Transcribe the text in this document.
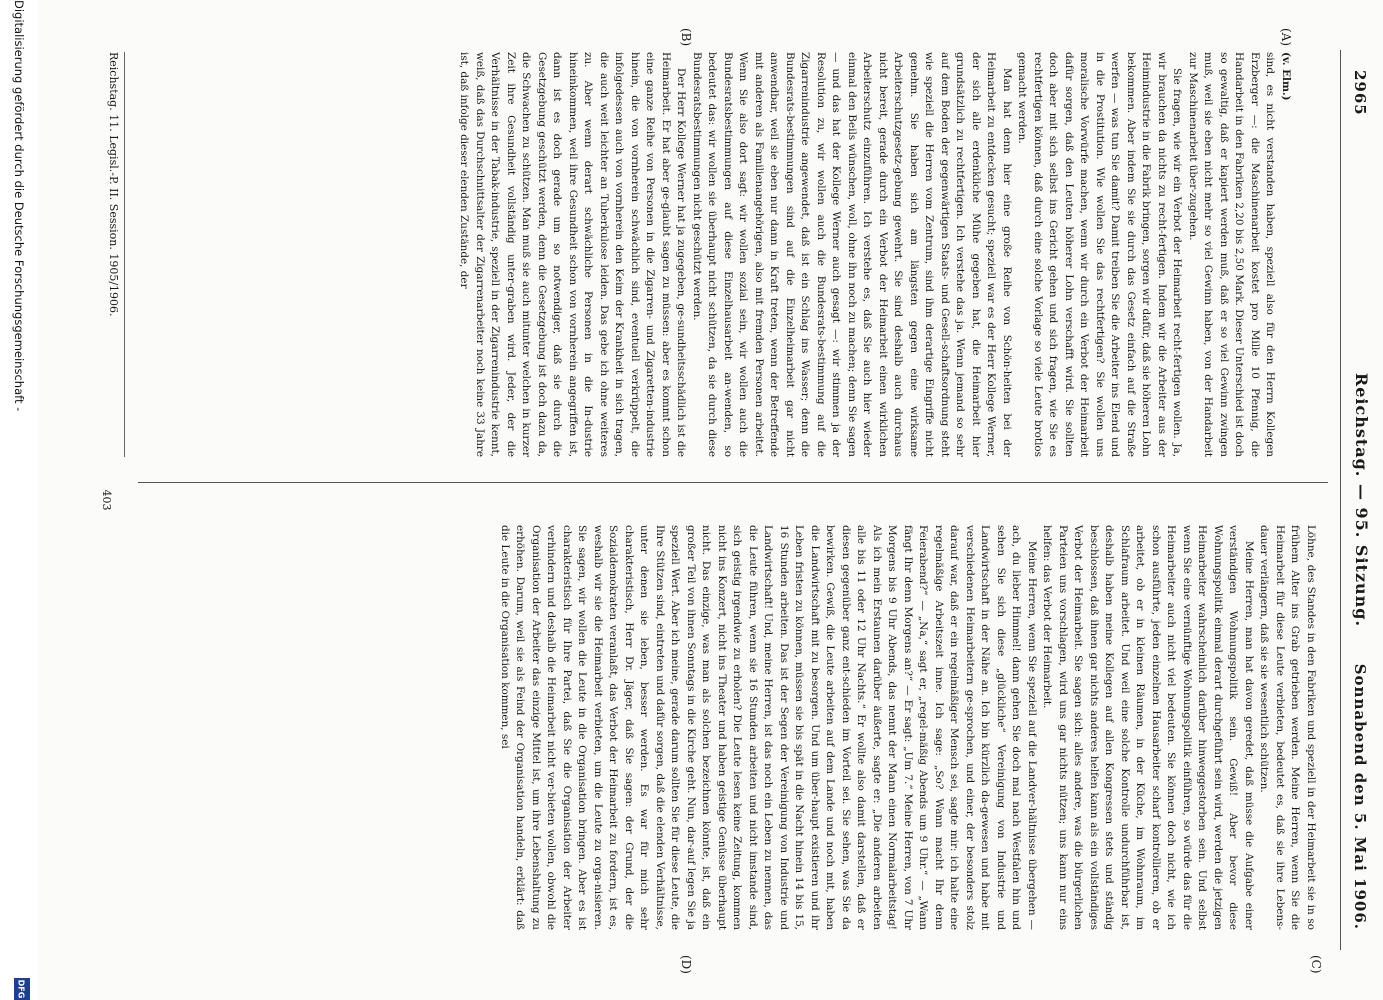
2965
Reichstag. — 95. Sitzung.
Sonnabend den 5. Mai 1906.
(C)
(D)
(A)
(B)

(v. Elm.)

sind, es nicht verstanden haben, speziell also für den Herrn Kollegen Erzberger —: die Maschinenarbeit kostet pro Mille 10 Pfennig, die Handarbeit in den Fabriken 2,20 bis 2,50 Mark. Dieser Unterschied ist doch so gewaltig, daß er kapiert werden muß, daß er so viel Gewinn zwingen muß, weil sie eben nicht mehr so viel Gewinn haben, von der Handarbeit zur Maschinenarbeit über-zugehen.

Sie fragen, wie wir ein Verbot der Heimarbeit recht-fertigen wollen. Ja, wir brauchen da nichts zu recht-fertigen. Indem wir die Arbeiter aus der Heimindustrie in die Fabrik bringen, sorgen wir dafür, daß sie höheren Lohn bekommen. Aber indem Sie sie durch das Gesetz einfach auf die Straße werfen — was tun Sie damit? Damit treiben Sie die Arbeiter ins Elend und in die Prostitution. Wie wollen Sie das rechtfertigen? Sie wollen uns moralische Vorwürfe machen, wenn wir durch ein Verbot der Heimarbeit dafür sorgen, daß den Leuten höherer Lohn verschafft wird. Sie sollten doch aber mit sich selbst ins Gericht gehen und sich fragen, wie Sie es rechtfertigen können, daß durch eine solche Vorlage so viele Leute brotlos gemacht werden.

Man hat denn hier eine große Reihe von Schön-heiten bei der Heimarbeit zu entdecken gesucht; speziell war es der Herr Kollege Werner, der sich alle erdenkliche Mühe gegeben hat, die Heimarbeit hier grundsätzlich zu rechtfertigen. Ich verstehe das ja. Wenn jemand so sehr auf dem Boden der gegenwärtigen Staats- und Gesell-schaftsordnung steht wie speziell die Herren vom Zentrum, sind ihm derartige Eingriffe nicht genehm. Sie haben sich am längsten gegen eine wirksame Arbeiterschutzgesetz-gebung gewehrt. Sie sind deshalb auch durchaus nicht bereit, gerade durch ein Verbot der Heimarbeit einen wirklichen Arbeiterschutz einzuführen. Ich verstehe es, daß Sie auch hier wieder einmal den Beils wünschen, woll, ohne ihn noch zu machen; denn Sie sagen — und das hat der Kollege Werner auch gesagt —: wir stimmen ja der Resolution zu, wir wollen auch die Bundesrats-bestimmung auf die Zigarrenindustrie angewendet, daß ist ein Schlag ins Wasser; denn die Bundesrats-bestimmungen sind auf die Einzelheimarbeit gar nicht anwendbar, weil sie eben nur dann in Kraft treten, wenn der Betreffende mit anderen als Familienangehörigen, also mit fremden Personen arbeitet. Wenn Sie also dort sagt: wir wollen sozial sein, wir wollen auch die Bundesratsbestimmungen auf diese Einzelhausarbeit an-wenden, so bedeutet das: wir wollen sie überhaupt nicht schützen, da sie durch diese Bundesratsbestimmungen nicht geschützt werden.

Der Herr Kollege Werner hat ja zugegeben, ge-sundheitsschädlich ist die Heimarbeit. Er hat aber ge-glaubt sagen zu müssen: aber es kommt schon eine ganze Reihe von Personen in die Zigarren- und Zigaretten-industrie hinein, die von vornherein schwächlich sind, eventuell verkrüppelt, die infolgedessen auch von vornherein den Keim der Krankheit in sich tragen, die auch weit leichter an Tuberkulose leiden. Das gebe ich ohne weiteres zu. Aber wenn derart schwächliche Personen in die In-dustrie hineinkommen, weil ihre Gesundheit schon von vornherein angegriffen ist, dann ist es doch gerade um so notwendiger, daß sie durch die Gesetzgebung geschützt werden, denn die Gesetzgebung ist doch dazu da, die Schwachen zu schützen. Man muß sie auch mitunter welchen in kurzer Zeit ihre Gesundheit vollständig unter-graben wird. Jeder, der die Verhältnisse in der Tabak-industrie, speziell in der Zigarrenindustrie kennt, weiß, daß das Durchschnittsalter der Zigarrenarbeiter noch keine 33 Jahre ist, daß infolge dieser elenden Zustände, der

Löhne, des Standes in den Fabriken und speziell in der Heimarbeit sie in so frühem Alter ins Grab getrieben werden. Meine Herren, wenn Sie die Heimarbeit für diese Leute verbieten, bedeutet es, daß sie ihre Lebens-dauer verlängern, daß sie sie wesentlich schützen.

Meine Herren, man hat davon geredet, daß müsse die Aufgabe einer verständigen Wohnungspolitik sein. Gewiß! Aber bevor diese Wohnungspolitik einmal derart durchgeführt sein wird, werden die jetzigen Heimarbeiter wahrscheinlich darüber hinweggestorben sein. Und selbst wenn Sie eine vernünftige Wohnungspolitik einführen, so würde das für die Heimarbeiter auch nicht viel bedeuten. Sie können doch nicht, wie ich schon ausführte, jeden einzelnen Hausarbeiter scharf kontrollieren, ob er arbeitet, ob er in kleinen Räumen, in der Küche, im Wohnraum, im Schlafraum arbeitet. Und weil eine solche Kontrolle undurchführbar ist, deshalb haben meine Kollegen auf allen Kongressen stets und ständig beschlossen, daß ihnen gar nichts anderes helfen kann als ein vollständiges Verbot der Heimarbeit. Sie sagen sich: alles andere, was die bürgerlichen Parteien uns vorschlagen, wird uns gar nichts nützen; uns kann nur eins helfen: das Verbot der Heimarbeit.

Meine Herren, wenn Sie speziell auf die Landver-hältnisse übergehen — ach, du lieber Himmel! dann gehen Sie doch mal nach Westfalen hin und sehen Sie sich diese „glückliche“ Vereinigung von Industrie und Landwirtschaft in der Nähe an. Ich bin kürzlich da-gewesen und habe mit verschiedenen Heimarbeitern ge-sprochen, und einer, der besonders stolz darauf war, daß er ein regelmäßiger Mensch sei, sagte mir: ich halte eine regelmäßige Arbeitszeit inne. Ich sage: „So? Wann macht Ihr denn Feierabend?“ — „Na,“ sagt er, „regel-mäßig Abends um 9 Uhr.“ — „Wann fängt Ihr denn Morgens an?“ — Er sagt: „Um 7.“ Meine Herren, von 7 Uhr Morgens bis 9 Uhr Abends, das nennt der Mann einen Normalarbeitstag! Als ich mein Erstaunen darüber äußerte, sagte er: „Die anderen arbeiten alle bis 11 oder 12 Uhr Nachts.“ Er wollte also damit darstellen, daß er diesen gegenüber ganz ent-schieden im Vorteil sei. Sie sehen, was Sie da bewirken. Gewiß, die Leute arbeiten auf dem Lande und noch mit, haben die Landwirtschaft mit zu besorgen. Und um über-haupt existieren und ihr Leben fristen zu können, müssen sie bis spät in die Nacht hinein 14 bis 15, 16 Stunden arbeiten. Das ist der Segen der Vereinigung von Industrie und Landwirtschaft! Und, meine Herren, ist das noch ein Leben zu nennen, das die Leute führen, wenn sie 16 Stunden arbeiten und nicht imstande sind, sich geistig irgendwie zu erholen? Die Leute lesen keine Zeitung, kommen nicht ins Konzert, nicht ins Theater und haben geistige Genüsse überhaupt nicht. Das einzige, was man als solchen bezeichnen könnte, ist, daß ein großer Teil von ihnen Sonntags in die Kirche geht. Nun, dar-auf legen Sie ja speziell Wert. Aber ich meine, gerade darum sollten Sie für diese Leute, die Ihre Stützen sind, eintreten und dafür sorgen, daß die elenden Verhältnisse, unter denen sie leben, besser werden. Es war für mich sehr charakteristisch, Herr Dr. Jäger, daß Sie sagen: der Grund, der die Sozialdemokraten veranlaßt, das Verbot der Heimarbeit zu fordern, ist es, weshalb wir sie die Heimarbeit verbieten, um die Leute zu orga-nisieren. Sie sagen, wir wollen die Leute in die Organisation bringen. Aber es ist charakteristisch für Ihre Partei, daß Sie die Organisation der Arbeiter verhindern und deshalb die Heimarbeit nicht ver-bieten wollen, obwohl die Organisation der Arbeiter das einzige Mittel ist, um ihre Lebenshaltung zu erhöhen. Darum, weil sie als Feind der Organisation handeln, erklärt: daß die Leute in die Organisation kommen, sei

Reichstag. 11. Legisl.-P. II. Session. 1905/1906.
403
Digitalisierung gefördert durch die Deutsche Forschungsgemeinschaft -
DFG
